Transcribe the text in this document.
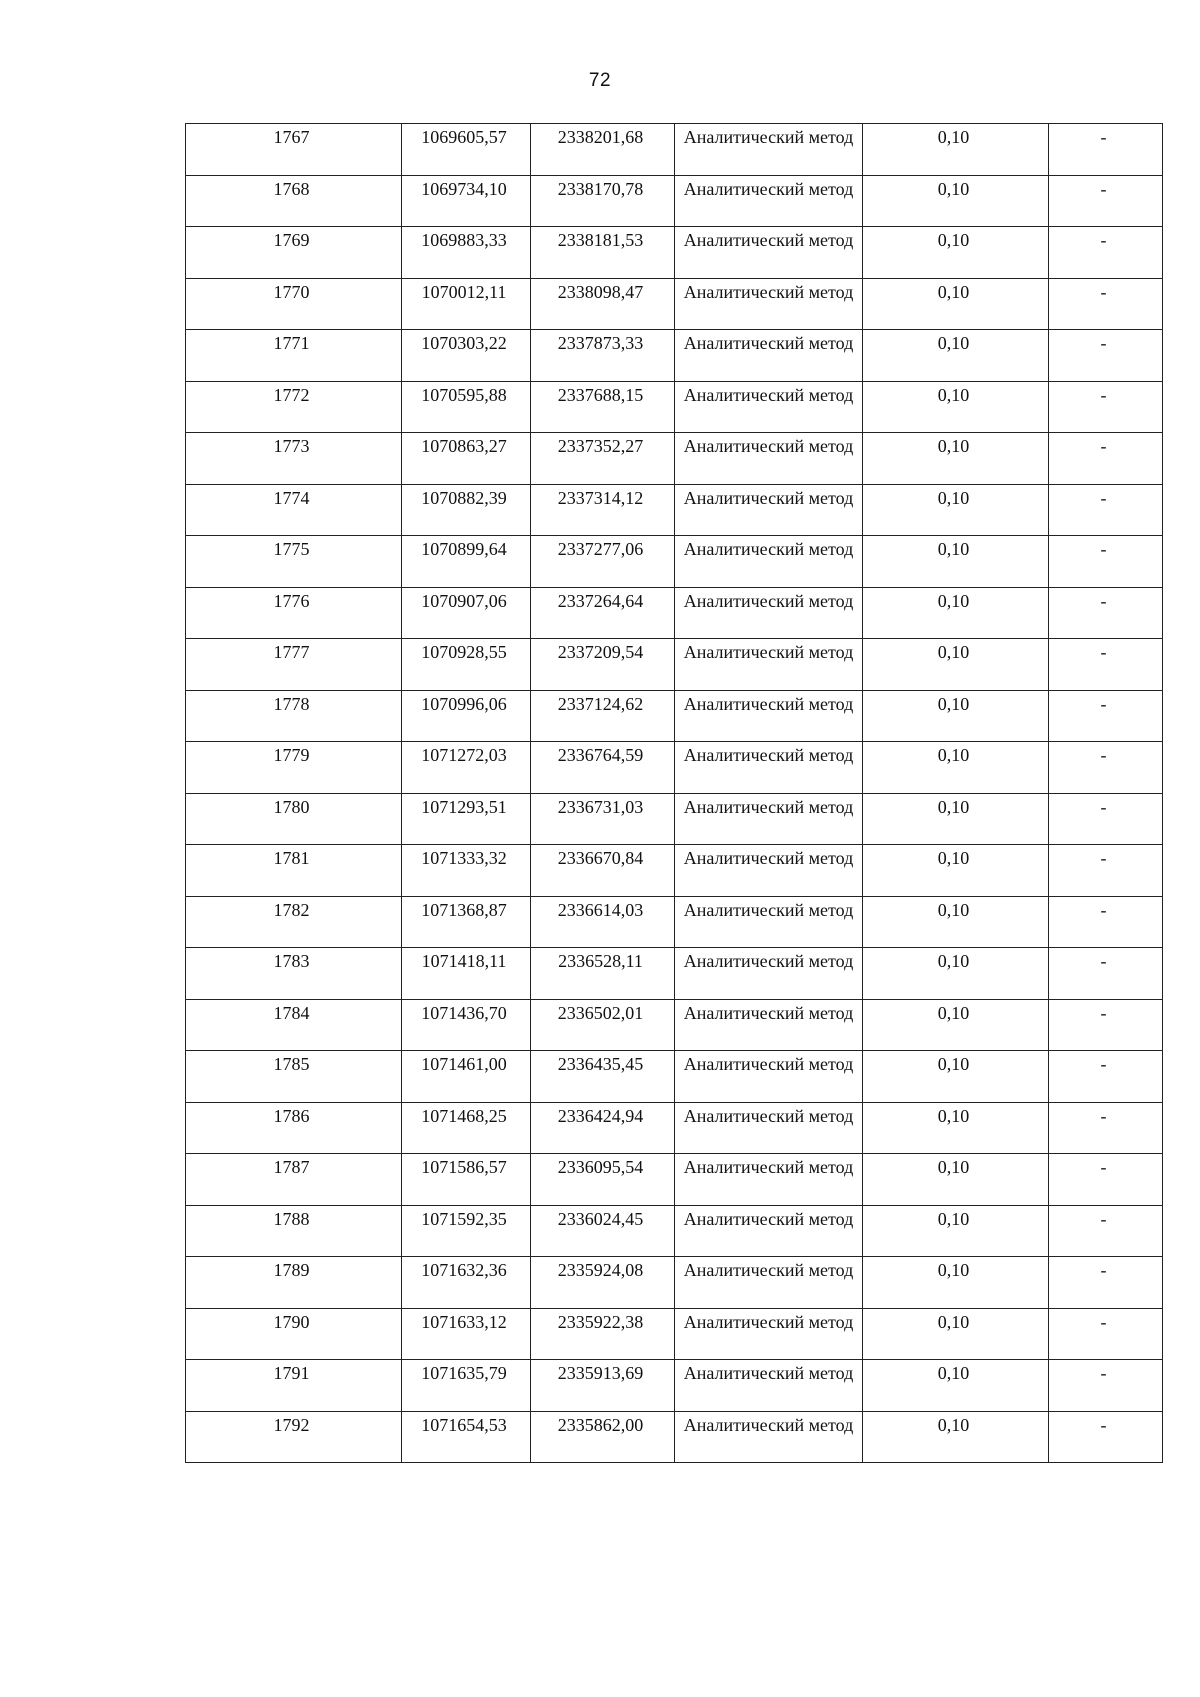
72
1767	1069605,57	2338201,68	Аналитический метод	0,10	-
1768	1069734,10	2338170,78	Аналитический метод	0,10	-
1769	1069883,33	2338181,53	Аналитический метод	0,10	-
1770	1070012,11	2338098,47	Аналитический метод	0,10	-
1771	1070303,22	2337873,33	Аналитический метод	0,10	-
1772	1070595,88	2337688,15	Аналитический метод	0,10	-
1773	1070863,27	2337352,27	Аналитический метод	0,10	-
1774	1070882,39	2337314,12	Аналитический метод	0,10	-
1775	1070899,64	2337277,06	Аналитический метод	0,10	-
1776	1070907,06	2337264,64	Аналитический метод	0,10	-
1777	1070928,55	2337209,54	Аналитический метод	0,10	-
1778	1070996,06	2337124,62	Аналитический метод	0,10	-
1779	1071272,03	2336764,59	Аналитический метод	0,10	-
1780	1071293,51	2336731,03	Аналитический метод	0,10	-
1781	1071333,32	2336670,84	Аналитический метод	0,10	-
1782	1071368,87	2336614,03	Аналитический метод	0,10	-
1783	1071418,11	2336528,11	Аналитический метод	0,10	-
1784	1071436,70	2336502,01	Аналитический метод	0,10	-
1785	1071461,00	2336435,45	Аналитический метод	0,10	-
1786	1071468,25	2336424,94	Аналитический метод	0,10	-
1787	1071586,57	2336095,54	Аналитический метод	0,10	-
1788	1071592,35	2336024,45	Аналитический метод	0,10	-
1789	1071632,36	2335924,08	Аналитический метод	0,10	-
1790	1071633,12	2335922,38	Аналитический метод	0,10	-
1791	1071635,79	2335913,69	Аналитический метод	0,10	-
1792	1071654,53	2335862,00	Аналитический метод	0,10	-
